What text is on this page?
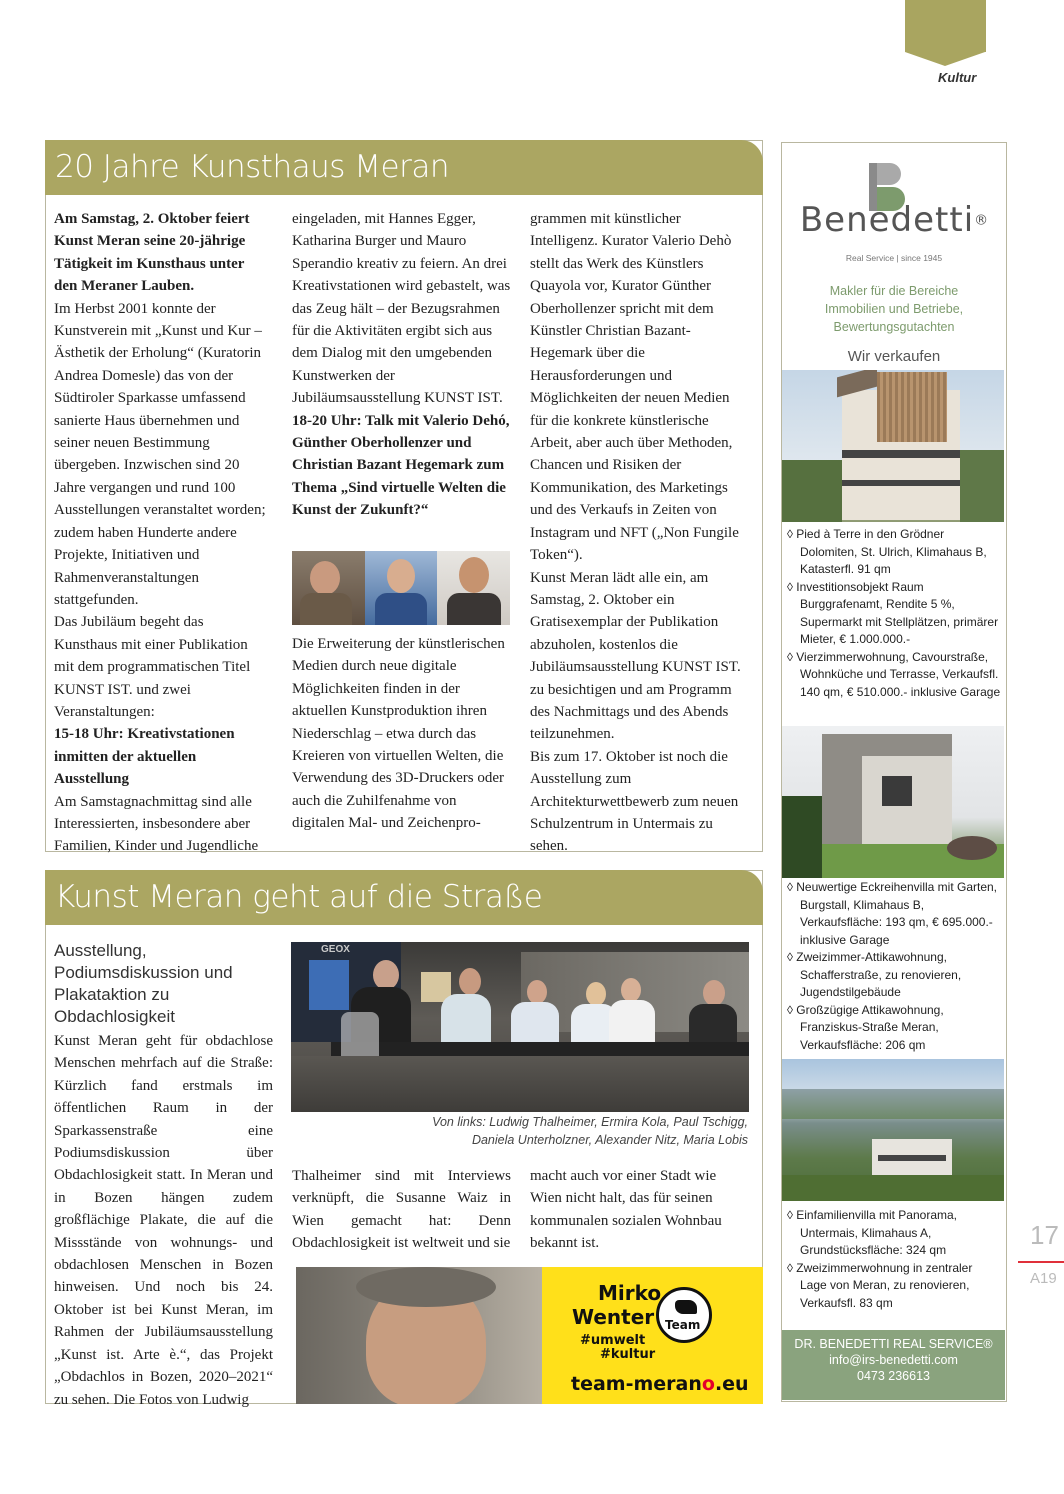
Kultur
20 Jahre Kunsthaus Meran

Am Samstag, 2. Oktober feiert Kunst Meran seine 20-jährige Tätigkeit im Kunsthaus unter den Meraner Lauben.

Im Herbst 2001 konnte der Kunstverein mit „Kunst und Kur – Ästhetik der Erholung“ (Kuratorin Andrea Domesle) das von der Südtiroler Sparkasse umfassend sanierte Haus übernehmen und seiner neuen Bestimmung übergeben. Inzwischen sind 20 Jahre vergangen und rund 100 Ausstellungen veranstaltet worden; zudem haben Hunderte andere Projekte, Initiativen und Rahmenveranstaltungen stattgefunden.

Das Jubiläum begeht das Kunsthaus mit einer Publikation mit dem programmatischen Titel KUNST IST. und zwei Veranstaltungen:

15-18 Uhr: Kreativstationen inmitten der aktuellen Ausstellung

Am Samstagnachmittag sind alle Interessierten, insbesondere aber Familien, Kinder und Jugendliche

eingeladen, mit Hannes Egger, Katharina Burger und Mauro Sperandio kreativ zu feiern. An drei Kreativstationen wird gebastelt, was das Zeug hält – der Bezugsrahmen für die Aktivitäten ergibt sich aus dem Dialog mit den umgebenden Kunstwerken der Jubiläumsausstellung KUNST IST.

18-20 Uhr: Talk mit Valerio Dehó, Günther Oberhollenzer und Christian Bazant Hegemark zum Thema „Sind virtuelle Welten die Kunst der Zukunft?“

Die Erweiterung der künstlerischen Medien durch neue digitale Möglichkeiten finden in der aktuellen Kunstproduktion ihren Niederschlag – etwa durch das Kreieren von virtuellen Welten, die Verwendung des 3D-Druckers oder auch die Zuhilfenahme von digitalen Mal- und Zeichenpro-

grammen mit künstlicher Intelligenz. Kurator Valerio Dehò stellt das Werk des Künstlers Quayola vor, Kurator Günther Oberhollenzer spricht mit dem Künstler Christian Bazant-Hegemark über die Herausforderungen und Möglichkeiten der neuen Medien für die konkrete künstlerische Arbeit, aber auch über Methoden, Chancen und Risiken der Kommunikation, des Marketings und des Verkaufs in Zeiten von Instagram und NFT („Non Fungile Token“).

Kunst Meran lädt alle ein, am Samstag, 2. Oktober ein Gratisexemplar der Publikation abzuholen, kostenlos die Jubiläumsausstellung KUNST IST. zu besichtigen und am Programm des Nachmittags und des Abends teilzunehmen.

Bis zum 17. Oktober ist noch die Ausstellung zum Architekturwettbewerb zum neuen Schulzentrum in Untermais zu sehen.

Kunst Meran geht auf die Straße
Ausstellung, Podiumsdiskussion und Plakataktion zu Obdachlosigkeit

Kunst Meran geht für obdachlose Menschen mehrfach auf die Straße: Kürzlich fand erstmals im öffentlichen Raum in der Sparkassenstraße eine Podiumsdiskussion über Obdachlosigkeit statt. In Meran und in Bozen hängen zudem großflächige Plakate, die auf die Missstände von wohnungs- und obdachlosen Menschen in Bozen hinweisen. Und noch bis 24. Oktober ist bei Kunst Meran, im Rahmen der Jubiläumsausstellung „Kunst ist. Arte è.“, das Projekt „Obdachlos in Bozen, 2020–2021“ zu sehen. Die Fotos von Ludwig

GEOX
Von links: Ludwig Thalheimer, Ermira Kola, Paul Tschigg, Daniela Unterholzner, Alexander Nitz, Maria Lobis

Thalheimer sind mit Interviews verknüpft, die Susanne Waiz in Wien gemacht hat: Denn Obdachlosigkeit ist weltweit und sie

macht auch vor einer Stadt wie Wien nicht halt, das für seinen kommunalen sozialen Wohnbau bekannt ist.

Mirko
Wenter
#umwelt
#kultur
Team
team-merano.eu
Benedetti®
Real Service | since 1945
Makler für die Bereiche Immobilien und Betriebe, Bewertungsgutachten
Wir verkaufen
◊ Pied à Terre in den Grödner Dolomiten, St. Ulrich, Klimahaus B, Katasterfl. 91 qm
◊ Investitionsobjekt Raum Burggrafenamt, Rendite 5 %, Supermarkt mit Stellplätzen, primärer Mieter, € 1.000.000.-
◊ Vierzimmerwohnung, Cavourstraße, Wohnküche und Terrasse, Verkaufsfl. 140 qm, € 510.000.- inklusive Garage
◊ Neuwertige Eckreihenvilla mit Garten, Burgstall, Klimahaus B, Verkaufsfläche: 193 qm, € 695.000.- inklusive Garage
◊ Zweizimmer-Attikawohnung, Schafferstraße, zu renovieren, Jugendstilgebäude
◊ Großzügige Attikawohnung, Franziskus-Straße Meran, Verkaufsfläche: 206 qm
◊ Einfamilienvilla mit Panorama, Untermais, Klimahaus A, Grundstücksfläche: 324 qm
◊ Zweizimmerwohnung in zentraler Lage von Meran, zu renovieren, Verkaufsfl. 83 qm
DR. BENEDETTI REAL SERVICE®
info@irs-benedetti.com
0473 236613
17
A19
